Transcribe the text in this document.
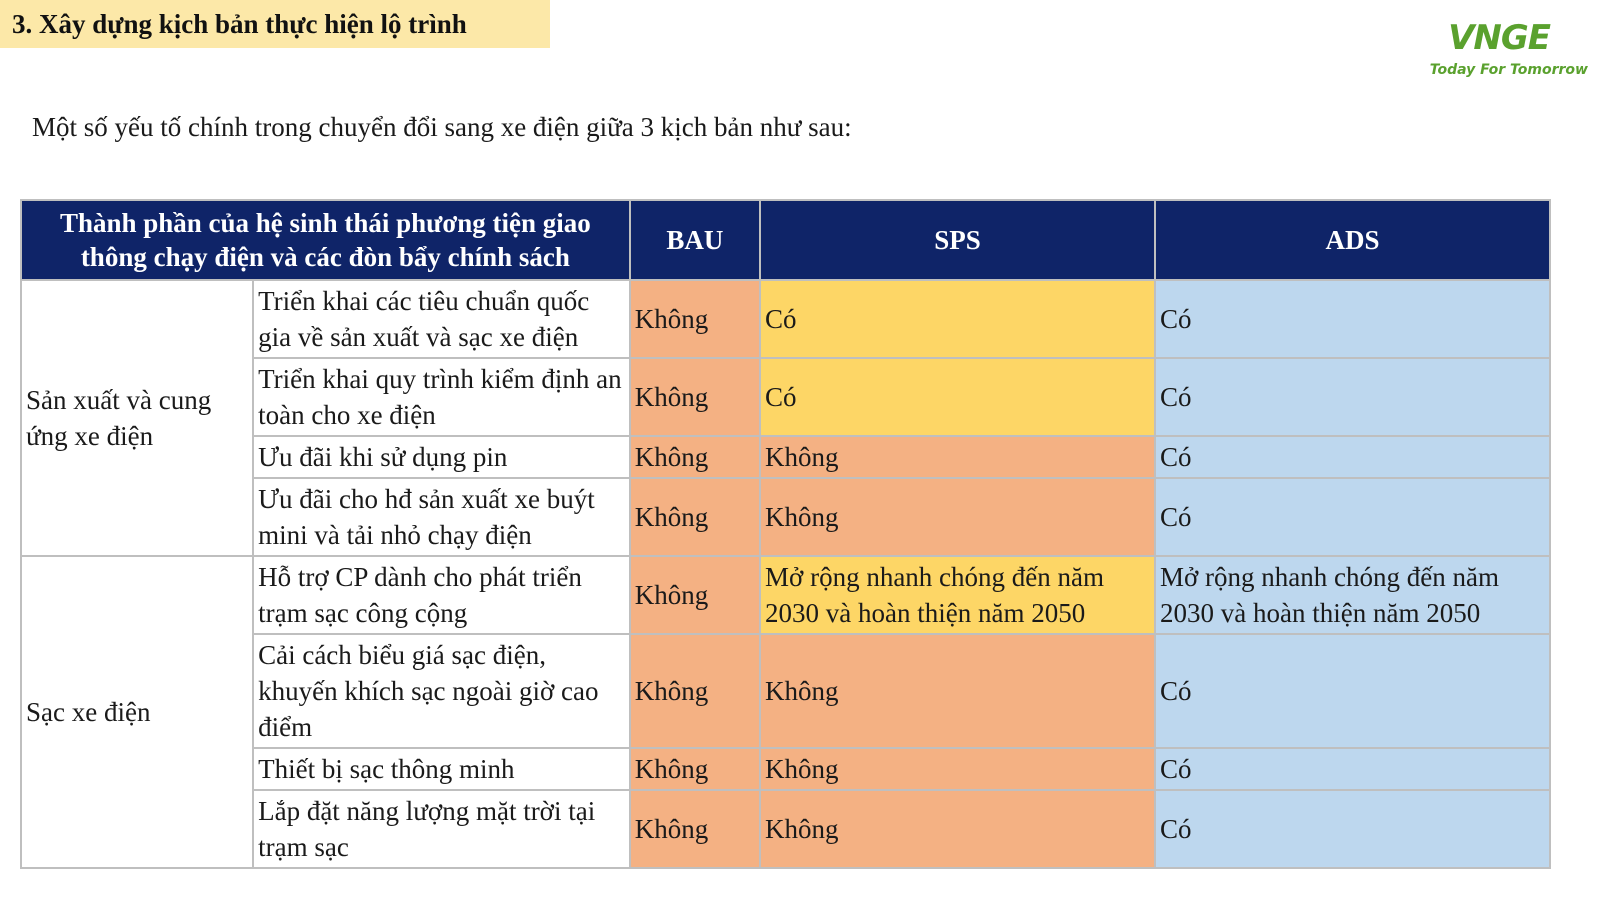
3. Xây dựng kịch bản thực hiện lộ trình	VNGE
Today For Tomorrow
Một số yếu tố chính trong chuyển đổi sang xe điện giữa 3 kịch bản như sau:
Thành phần của hệ sinh thái phương tiện giao thông chạy điện và các đòn bẩy chính sách		BAU	SPS	ADS
Sản xuất và cung ứng xe điện	Triển khai các tiêu chuẩn quốc gia về sản xuất và sạc xe điện	Không	Có	Có
	Triển khai quy trình kiểm định an toàn cho xe điện	Không	Có	Có
	Ưu đãi khi sử dụng pin	Không	Không	Có
	Ưu đãi cho hđ sản xuất xe buýt mini và tải nhỏ chạy điện	Không	Không	Có
Sạc xe điện	Hỗ trợ CP dành cho phát triển trạm sạc công cộng	Không	Mở rộng nhanh chóng đến năm 2030 và hoàn thiện năm 2050	Mở rộng nhanh chóng đến năm 2030 và hoàn thiện năm 2050
	Cải cách biểu giá sạc điện, khuyến khích sạc ngoài giờ cao điểm	Không	Không	Có
	Thiết bị sạc thông minh	Không	Không	Có
	Lắp đặt năng lượng mặt trời tại trạm sạc	Không	Không	Có
